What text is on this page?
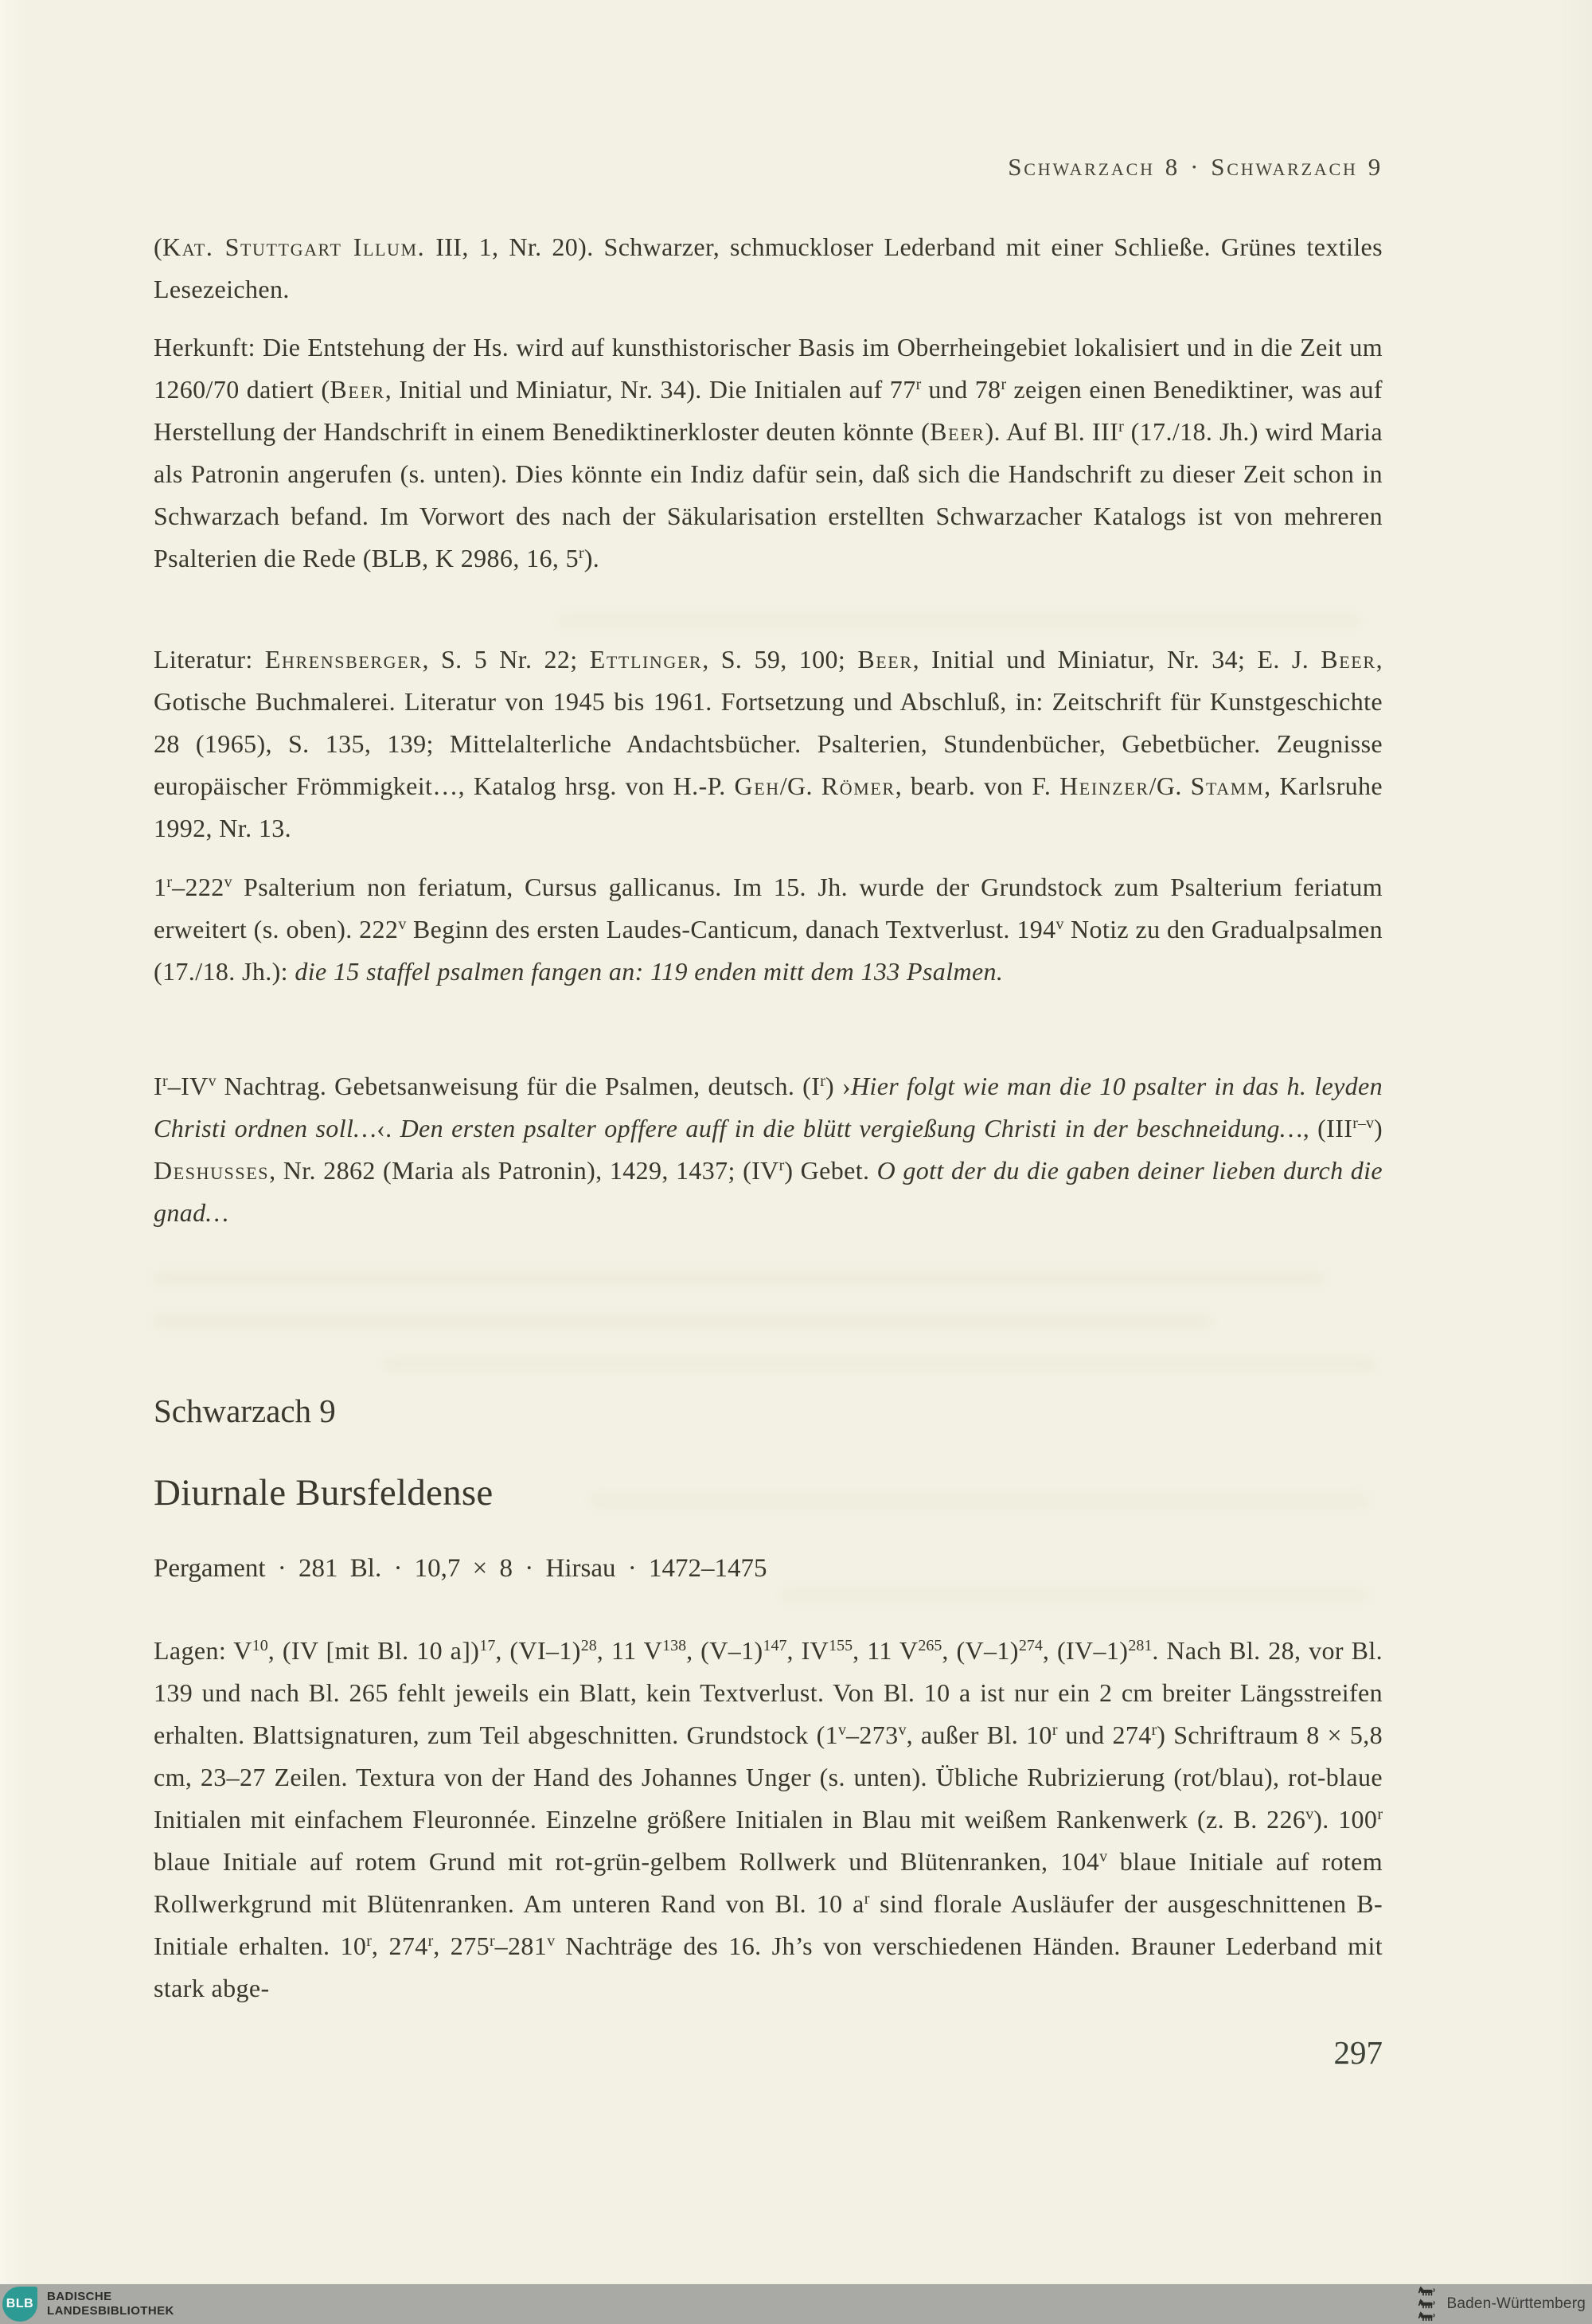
Schwarzach 8 · Schwarzach 9

(Kat. Stuttgart Illum. III, 1, Nr. 20). Schwarzer, schmuckloser Lederband mit einer Schließe. Grünes textiles Lesezeichen.

Herkunft: Die Entstehung der Hs. wird auf kunsthistorischer Basis im Oberrheingebiet lokalisiert und in die Zeit um 1260/70 datiert (Beer, Initial und Miniatur, Nr. 34). Die Initialen auf 77$^r$ und 78$^r$ zeigen einen Benediktiner, was auf Herstellung der Handschrift in einem Benediktinerkloster deuten könnte (Beer). Auf Bl. III$^r$ (17./18. Jh.) wird Maria als Patronin angerufen (s. unten). Dies könnte ein Indiz dafür sein, daß sich die Handschrift zu dieser Zeit schon in Schwarzach befand. Im Vorwort des nach der Säkularisation erstellten Schwarzacher Katalogs ist von mehreren Psalterien die Rede (BLB, K 2986, 16, 5$^r$).

Literatur: Ehrensberger, S. 5 Nr. 22; Ettlinger, S. 59, 100; Beer, Initial und Miniatur, Nr. 34; E. J. Beer, Gotische Buchmalerei. Literatur von 1945 bis 1961. Fortsetzung und Abschluß, in: Zeitschrift für Kunstgeschichte 28 (1965), S. 135, 139; Mittelalterliche Andachtsbücher. Psalterien, Stundenbücher, Gebetbücher. Zeugnisse europäischer Frömmigkeit…, Katalog hrsg. von H.-P. Geh/G. Römer, bearb. von F. Heinzer/G. Stamm, Karlsruhe 1992, Nr. 13.

1$^r$–222$^v$ Psalterium non feriatum, Cursus gallicanus. Im 15. Jh. wurde der Grundstock zum Psalterium feriatum erweitert (s. oben). 222$^v$ Beginn des ersten Laudes-Canticum, danach Textverlust. 194$^v$ Notiz zu den Gradualpsalmen (17./18. Jh.): die 15 staffel psalmen fangen an: 119 enden mitt dem 133 Psalmen.

$I^r-IV^v$ Nachtrag. Gebetsanweisung für die Psalmen, deutsch. $(I^r)$ ›Hier folgt wie man die 10 psalter in das h. leyden Christi ordnen soll…‹. Den ersten psalter opffere auff in die blütt vergießung Christi in der beschneidung…, (III$^{r-v}$) Deshusses, Nr. 2862 (Maria als Patronin), 1429, 1437; $(IV^r)$ Gebet. O gott der du die gaben deiner lieben durch die gnad…

Schwarzach 9
Diurnale Bursfeldense
Pergament · 281 Bl. · 10,7 × 8 · Hirsau · 1472–1475

Lagen: $V^{10}$, (IV [mit Bl. 10 a])$^{17}$, $(VI-1)^{28}$, 11 $V^{138}$, $(V-1)^{147}$, IV$^{155}$, 11 $V^{265}$, $(V-1)^{274}$, $(IV-1)^{281}$. Nach Bl. 28, vor Bl. 139 und nach Bl. 265 fehlt jeweils ein Blatt, kein Textverlust. Von Bl. 10 a ist nur ein 2 cm breiter Längsstreifen erhalten. Blattsignaturen, zum Teil abgeschnitten. Grundstock (1$^v$–273$^v$, außer Bl. 10$^r$ und 274$^r$) Schriftraum 8 × 5,8 cm, 23–27 Zeilen. Textura von der Hand des Johannes Unger (s. unten). Übliche Rubrizierung (rot/blau), rot-blaue Initialen mit einfachem Fleuronnée. Einzelne größere Initialen in Blau mit weißem Rankenwerk (z. B. 226$^v$). 100$^r$ blaue Initiale auf rotem Grund mit rot-grün-gelbem Rollwerk und Blütenranken, 104$^v$ blaue Initiale auf rotem Rollwerkgrund mit Blütenranken. Am unteren Rand von Bl. 10 $a^r$ sind florale Ausläufer der ausgeschnittenen B-Initiale erhalten. 10$^r$, 274$^r$, 275$^r$–281$^v$ Nachträge des 16. Jh’s von verschiedenen Händen. Brauner Lederband mit stark abge-

297
BLB
BADISCHE
LANDESBIBLIOTHEK	Baden-Württemberg
